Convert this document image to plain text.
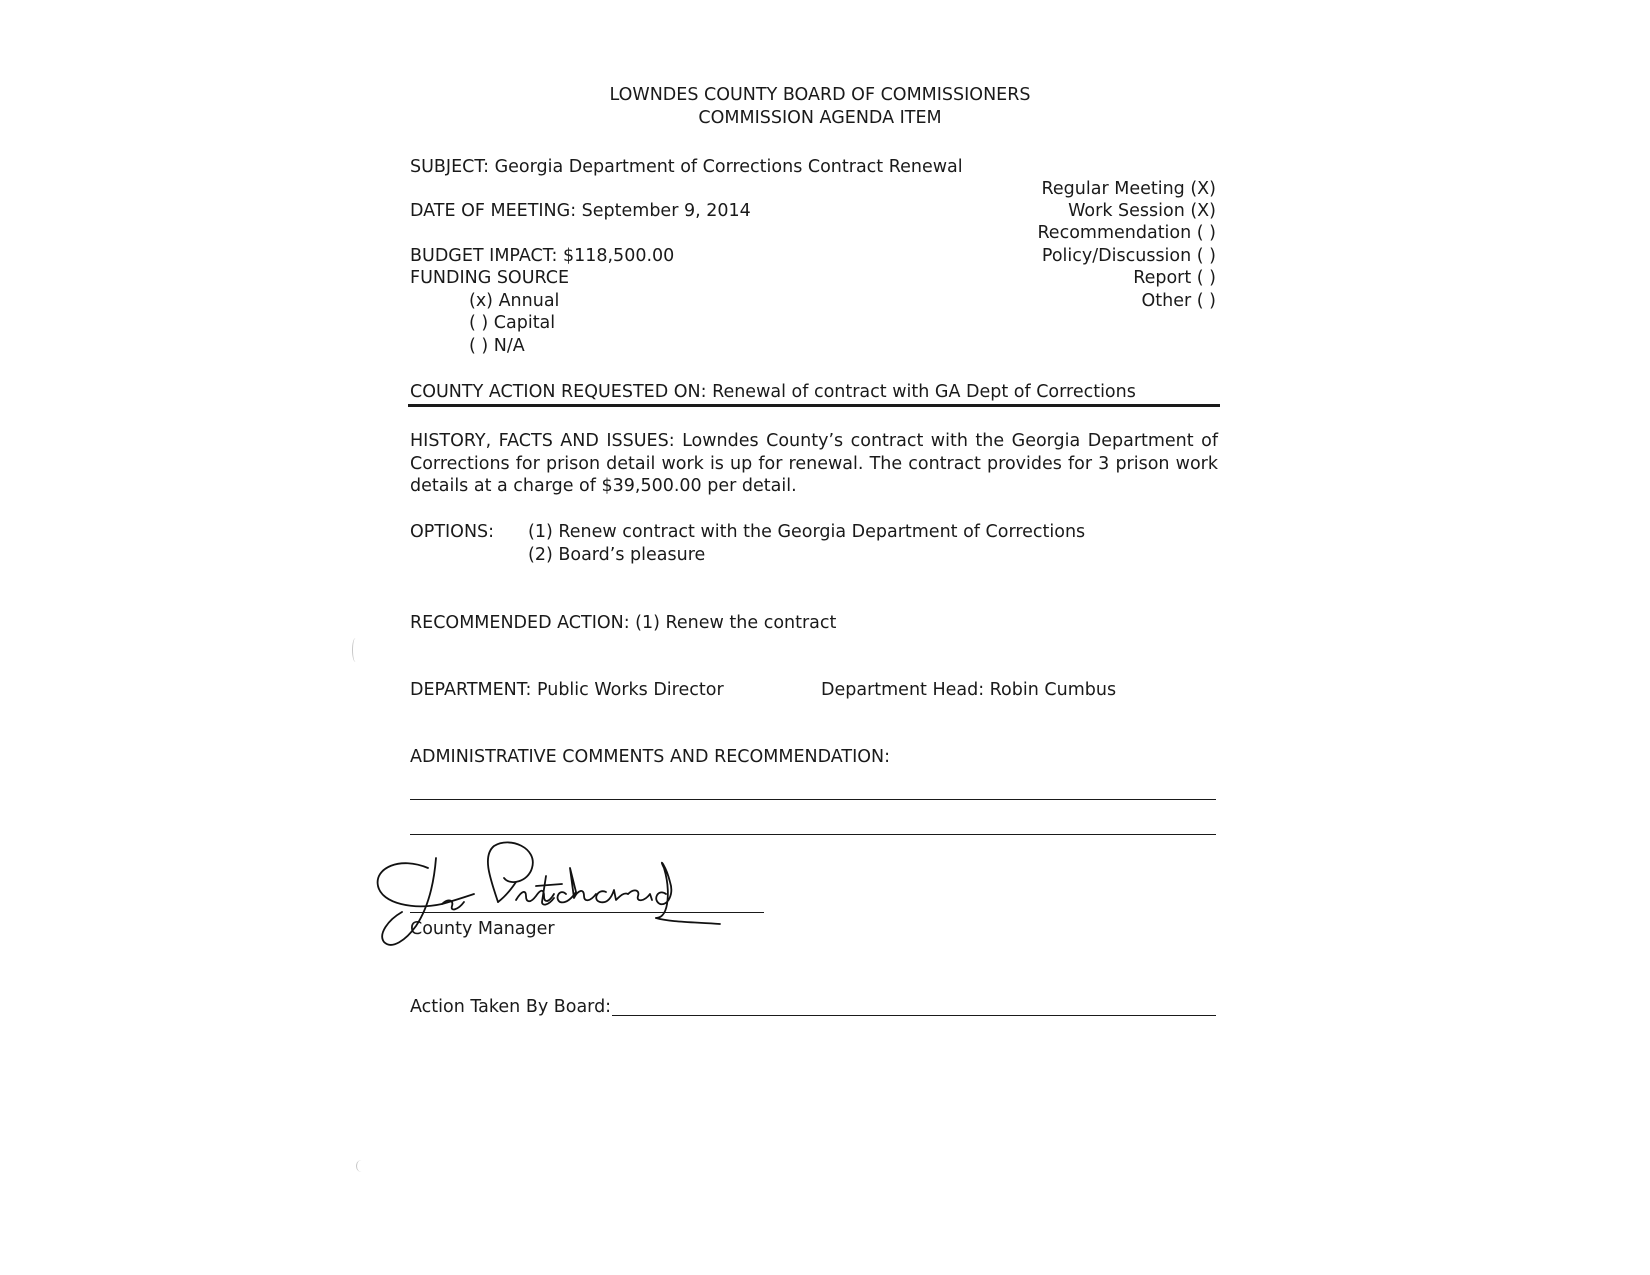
LOWNDES COUNTY BOARD OF COMMISSIONERS
COMMISSION AGENDA ITEM
SUBJECT: Georgia Department of Corrections Contract Renewal
Regular Meeting (X)
Work Session (X)
Recommendation ( )
Policy/Discussion ( )
Report ( )
Other ( )
DATE OF MEETING: September 9, 2014
BUDGET IMPACT: $118,500.00
FUNDING SOURCE
(x) Annual
( ) Capital
( ) N/A
COUNTY ACTION REQUESTED ON: Renewal of contract with GA Dept of Corrections
HISTORY, FACTS AND ISSUES: Lowndes County’s contract with the Georgia Department of Corrections for prison detail work is up for renewal. The contract provides for 3 prison work details at a charge of $39,500.00 per detail.
OPTIONS: (1) Renew contract with the Georgia Department of Corrections
(2) Board’s pleasure
RECOMMENDED ACTION: (1) Renew the contract
DEPARTMENT: Public Works Director	Department Head: Robin Cumbus
ADMINISTRATIVE COMMENTS AND RECOMMENDATION:
County Manager
Action Taken By Board:
